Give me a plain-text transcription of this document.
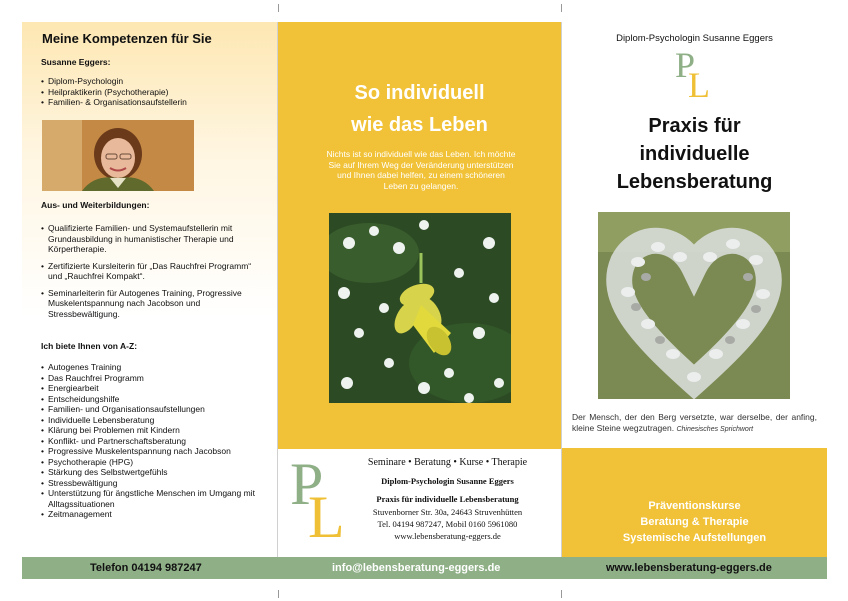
Meine Kompetenzen für Sie
Susanne Eggers:
• Diplom-Psychologin
• Heilpraktikerin (Psychotherapie)
• Familien- & Organisationsaufstellerin
Aus- und Weiterbildungen:
• Qualifizierte Familien- und Systemaufstellerin mit Grundausbildung in humanistischer Therapie und Körpertherapie.
• Zertifizierte Kursleiterin für „Das Rauchfrei Programm“ und „Rauchfrei Kompakt“.
• Seminarleiterin für Autogenes Training, Progressive Muskelentspannung nach Jacobson und Stressbewältigung.
Ich biete Ihnen von A-Z:
• Autogenes Training
• Das Rauchfrei Programm
• Energiearbeit
• Entscheidungshilfe
• Familien- und Organisationsaufstellungen
• Individuelle Lebensberatung
• Klärung bei Problemen mit Kindern
• Konflikt- und Partnerschaftsberatung
• Progressive Muskelentspannung nach Jacobson
• Psychotherapie (HPG)
• Stärkung des Selbstwertgefühls
• Stressbewältigung
• Unterstützung für ängstliche Menschen im Umgang mit Alltagssituationen
• Zeitmanagement
So individuell
wie das Leben
Nichts ist so individuell wie das Leben. Ich möchte Sie auf Ihrem Weg der Veränderung unterstützen und Ihnen dabei helfen, zu einem schöneren Leben zu gelangen.
P
L
Seminare • Beratung • Kurse • Therapie
Diplom-Psychologin Susanne Eggers
Praxis für individuelle Lebensberatung
Stuvenborner Str. 30a, 24643 Struvenhütten
Tel. 04194 987247, Mobil 0160 5961080
www.lebensberatung-eggers.de
Diplom-Psychologin Susanne Eggers
P
L
Praxis für
individuelle
Lebensberatung
Der Mensch, der den Berg versetzte, war derselbe, der anfing, kleine Steine wegzutragen. Chinesisches Sprichwort
Präventionskurse
Beratung & Therapie
Systemische Aufstellungen
Telefon 04194 987247	info@lebensberatung-eggers.de	www.lebensberatung-eggers.de
